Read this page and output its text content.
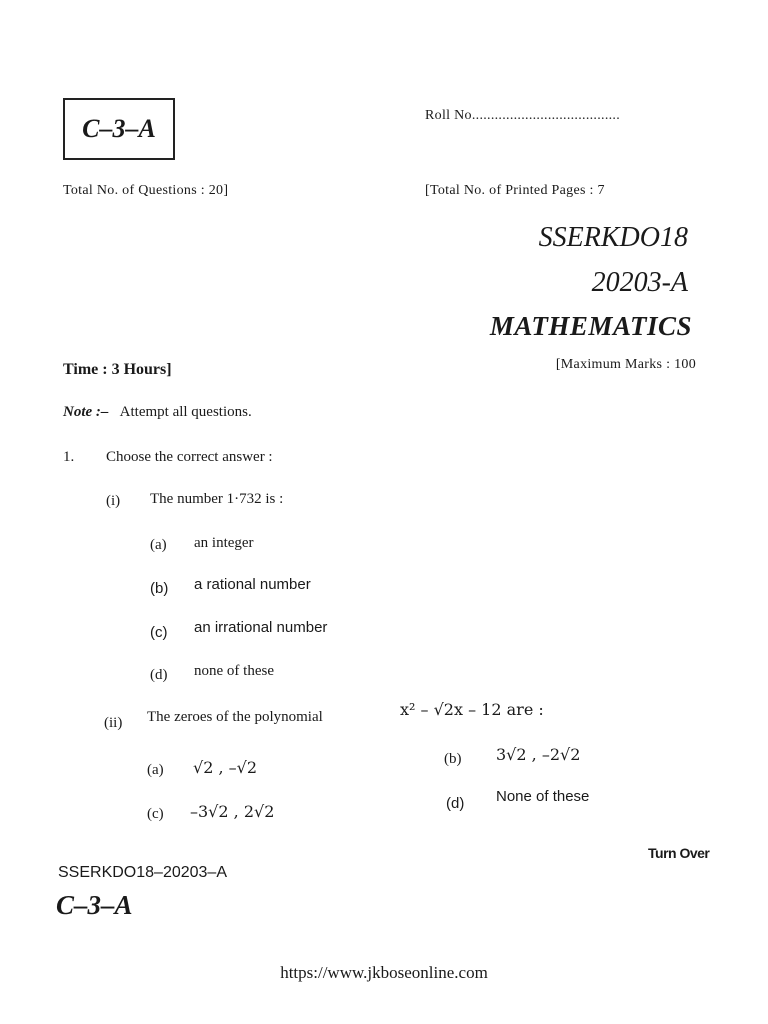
C–3–A	Roll No.......................................
Total No. of Questions : 20]	[Total No. of Printed Pages : 7
SSERKDO18
20203-A
MATHEMATICS
Time : 3 Hours]	[Maximum Marks : 100
Note :– Attempt all questions.
1. Choose the correct answer :
(i) The number 1·732 is :
(a) an integer
(b) a rational number
(c) an irrational number
(d) none of these
(ii) The zeroes of the polynomial	x² – √2x – 12 are :
(a) √2 , –√2	(b) 3√2 , –2√2
(c) –3√2 , 2√2	(d) None of these
Turn Over
SSERKDO18–20203–A
C–3–A
https://www.jkboseonline.com
